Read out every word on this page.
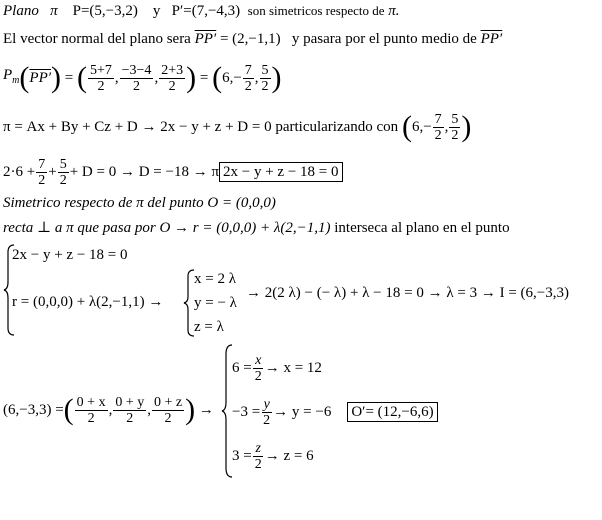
Plano π P=(5,−3,2) y P′=(7,−4,3) son simetricos respecto de π.
El vector normal del plano sera PP′ = (2,−1,1) y pasara por el punto medio de PP′
$P_m$ ( PP′ ) = ( $\frac{5+7}{2}$ , $\frac{-3-4}{2}$ , $\frac{2+3}{2}$ )
=
( $6,- \frac{7}{2}$ , $\frac{5}{2}$ )
π = Ax + By + Cz + D → 2x − y + z + D = 0
particularizando con
( $6,- \frac{7}{2}$ , $\frac{5}{2}$ )
$2\cdot 6 + \frac{7}{2} + \frac{5}{2} + D = 0 \to D = -18 \to \pi$ 2x − y + z − 18 = 0
Simetrico respecto de π del punto O = (0,0,0)
recta ⊥ a π que pasa por O → r = (0,0,0) + λ(2,−1,1) interseca al plano en el punto
2x − y + z − 18 = 0
r = (0,0,0) + λ(2,−1,1) →
x = 2 λ
y = − λ
z = λ
→ 2(2 λ) − (− λ) + λ − 18 = 0 → λ = 3 → I = (6,−3,3)
(6,−3,3) = ( $\frac{0 + x}{2}$ , $\frac{0 + y}{2}$ , $\frac{0 + z}{2}$ )
→
$6 = \frac{x}{2} \to x = 12$
$-3 = \frac{y}{2} \to y = -6$ O′= (12,−6,6)
$3 = \frac{z}{2} \to z = 6$
